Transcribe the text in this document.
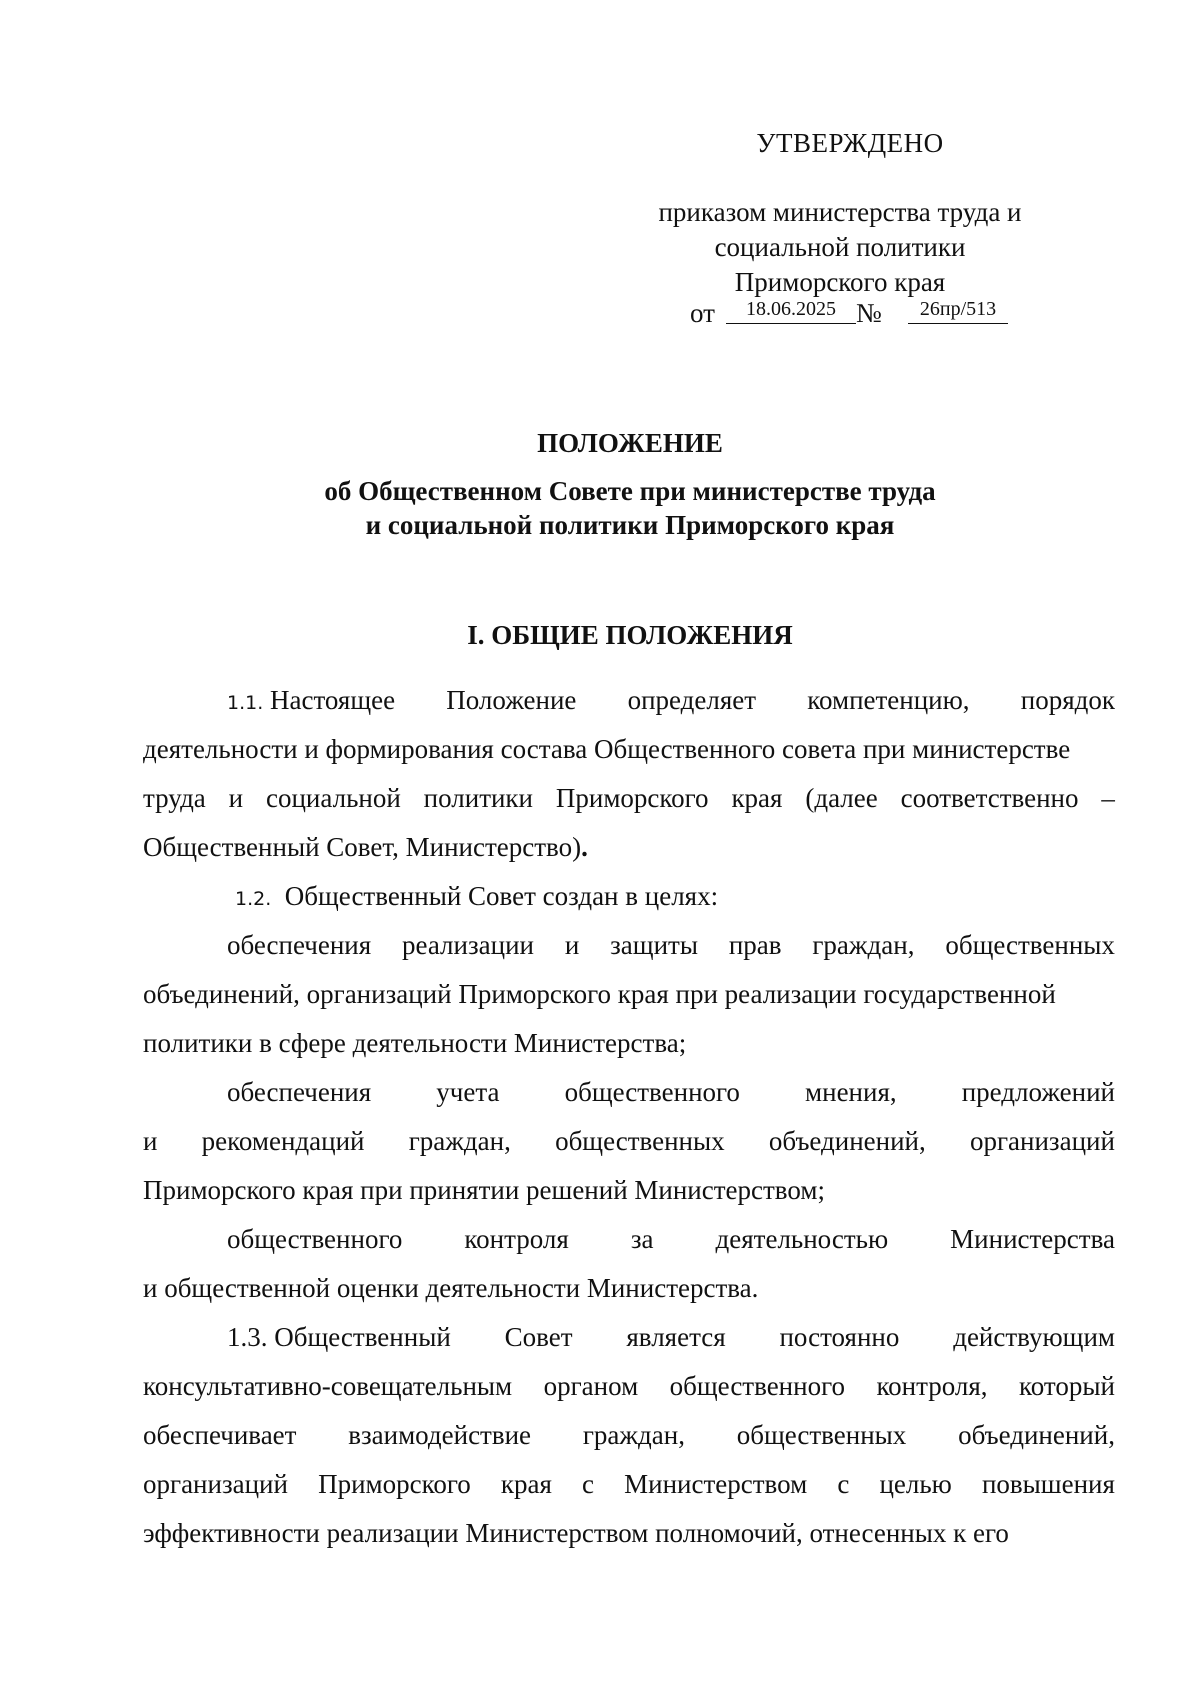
УТВЕРЖДЕНО
приказом министерства труда и
социальной политики
Приморского края
от	18.06.2025 №	26пр/513
ПОЛОЖЕНИЕ
об Общественном Совете при министерстве труда
и социальной политики Приморского края
I. ОБЩИЕ ПОЛОЖЕНИЯ
1.1. Настоящее Положение определяет компетенцию, порядок
деятельности и формирования состава Общественного совета при министерстве
труда и социальной политики Приморского края (далее соответственно –
Общественный Совет, Министерство).
1.2. Общественный Совет создан в целях:
обеспечения реализации и защиты прав граждан, общественных
объединений, организаций Приморского края при реализации государственной
политики в сфере деятельности Министерства;
обеспечения учета общественного мнения, предложений
и рекомендаций граждан, общественных объединений, организаций
Приморского края при принятии решений Министерством;
общественного контроля за деятельностью Министерства
и общественной оценки деятельности Министерства.
1.3. Общественный Совет является постоянно действующим
консультативно-совещательным органом общественного контроля, который
обеспечивает взаимодействие граждан, общественных объединений,
организаций Приморского края с Министерством с целью повышения
эффективности реализации Министерством полномочий, отнесенных к его
